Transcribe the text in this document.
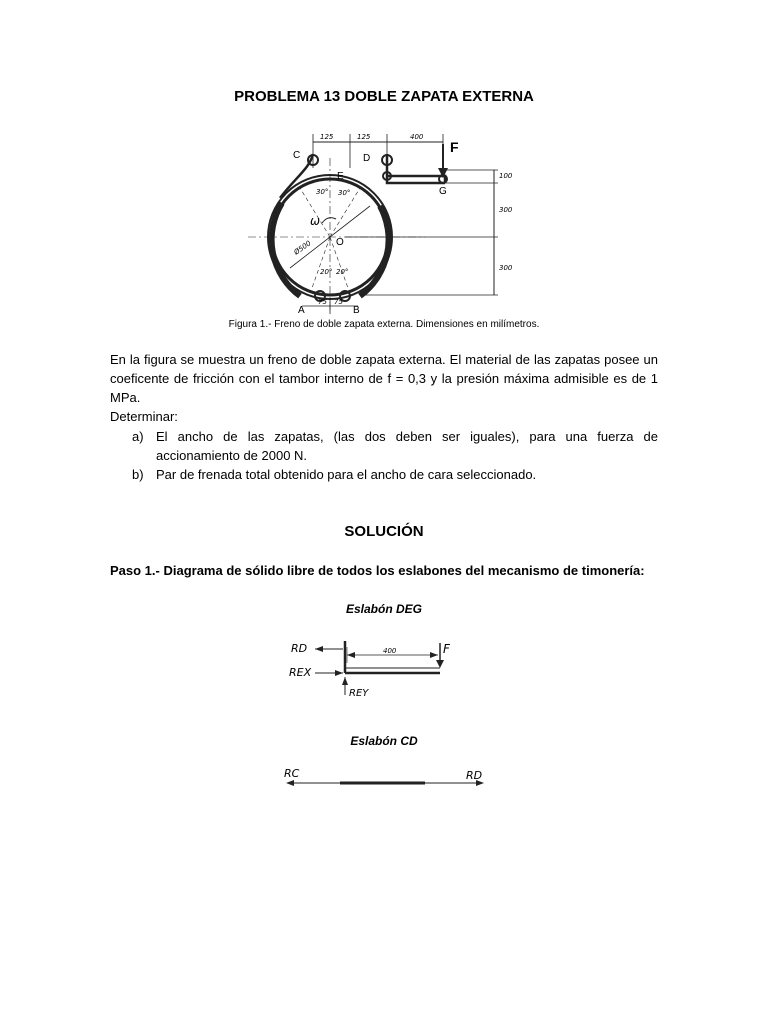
PROBLEMA 13 DOBLE ZAPATA EXTERNA
C	D
E
F
G
O
A	B
125	125	400
100
300
300
75 75
30° 30°
20° 20°
Ø500
ω
Figura 1.- Freno de doble zapata externa. Dimensiones en milímetros.
En la figura se muestra un freno de doble zapata externa. El material de las zapatas posee un coeficente de fricción con el tambor interno de f = 0,3 y la presión máxima admisible es de 1 MPa.
Determinar:
a) El ancho de las zapatas, (las dos deben ser iguales), para una fuerza de accionamiento de 2000 N.
b) Par de frenada total obtenido para el ancho de cara seleccionado.
SOLUCIÓN
Paso 1.- Diagrama de sólido libre de todos los eslabones del mecanismo de timonería:
Eslabón DEG
RD
REX
REY
F
400
Eslabón CD
RC	RD
